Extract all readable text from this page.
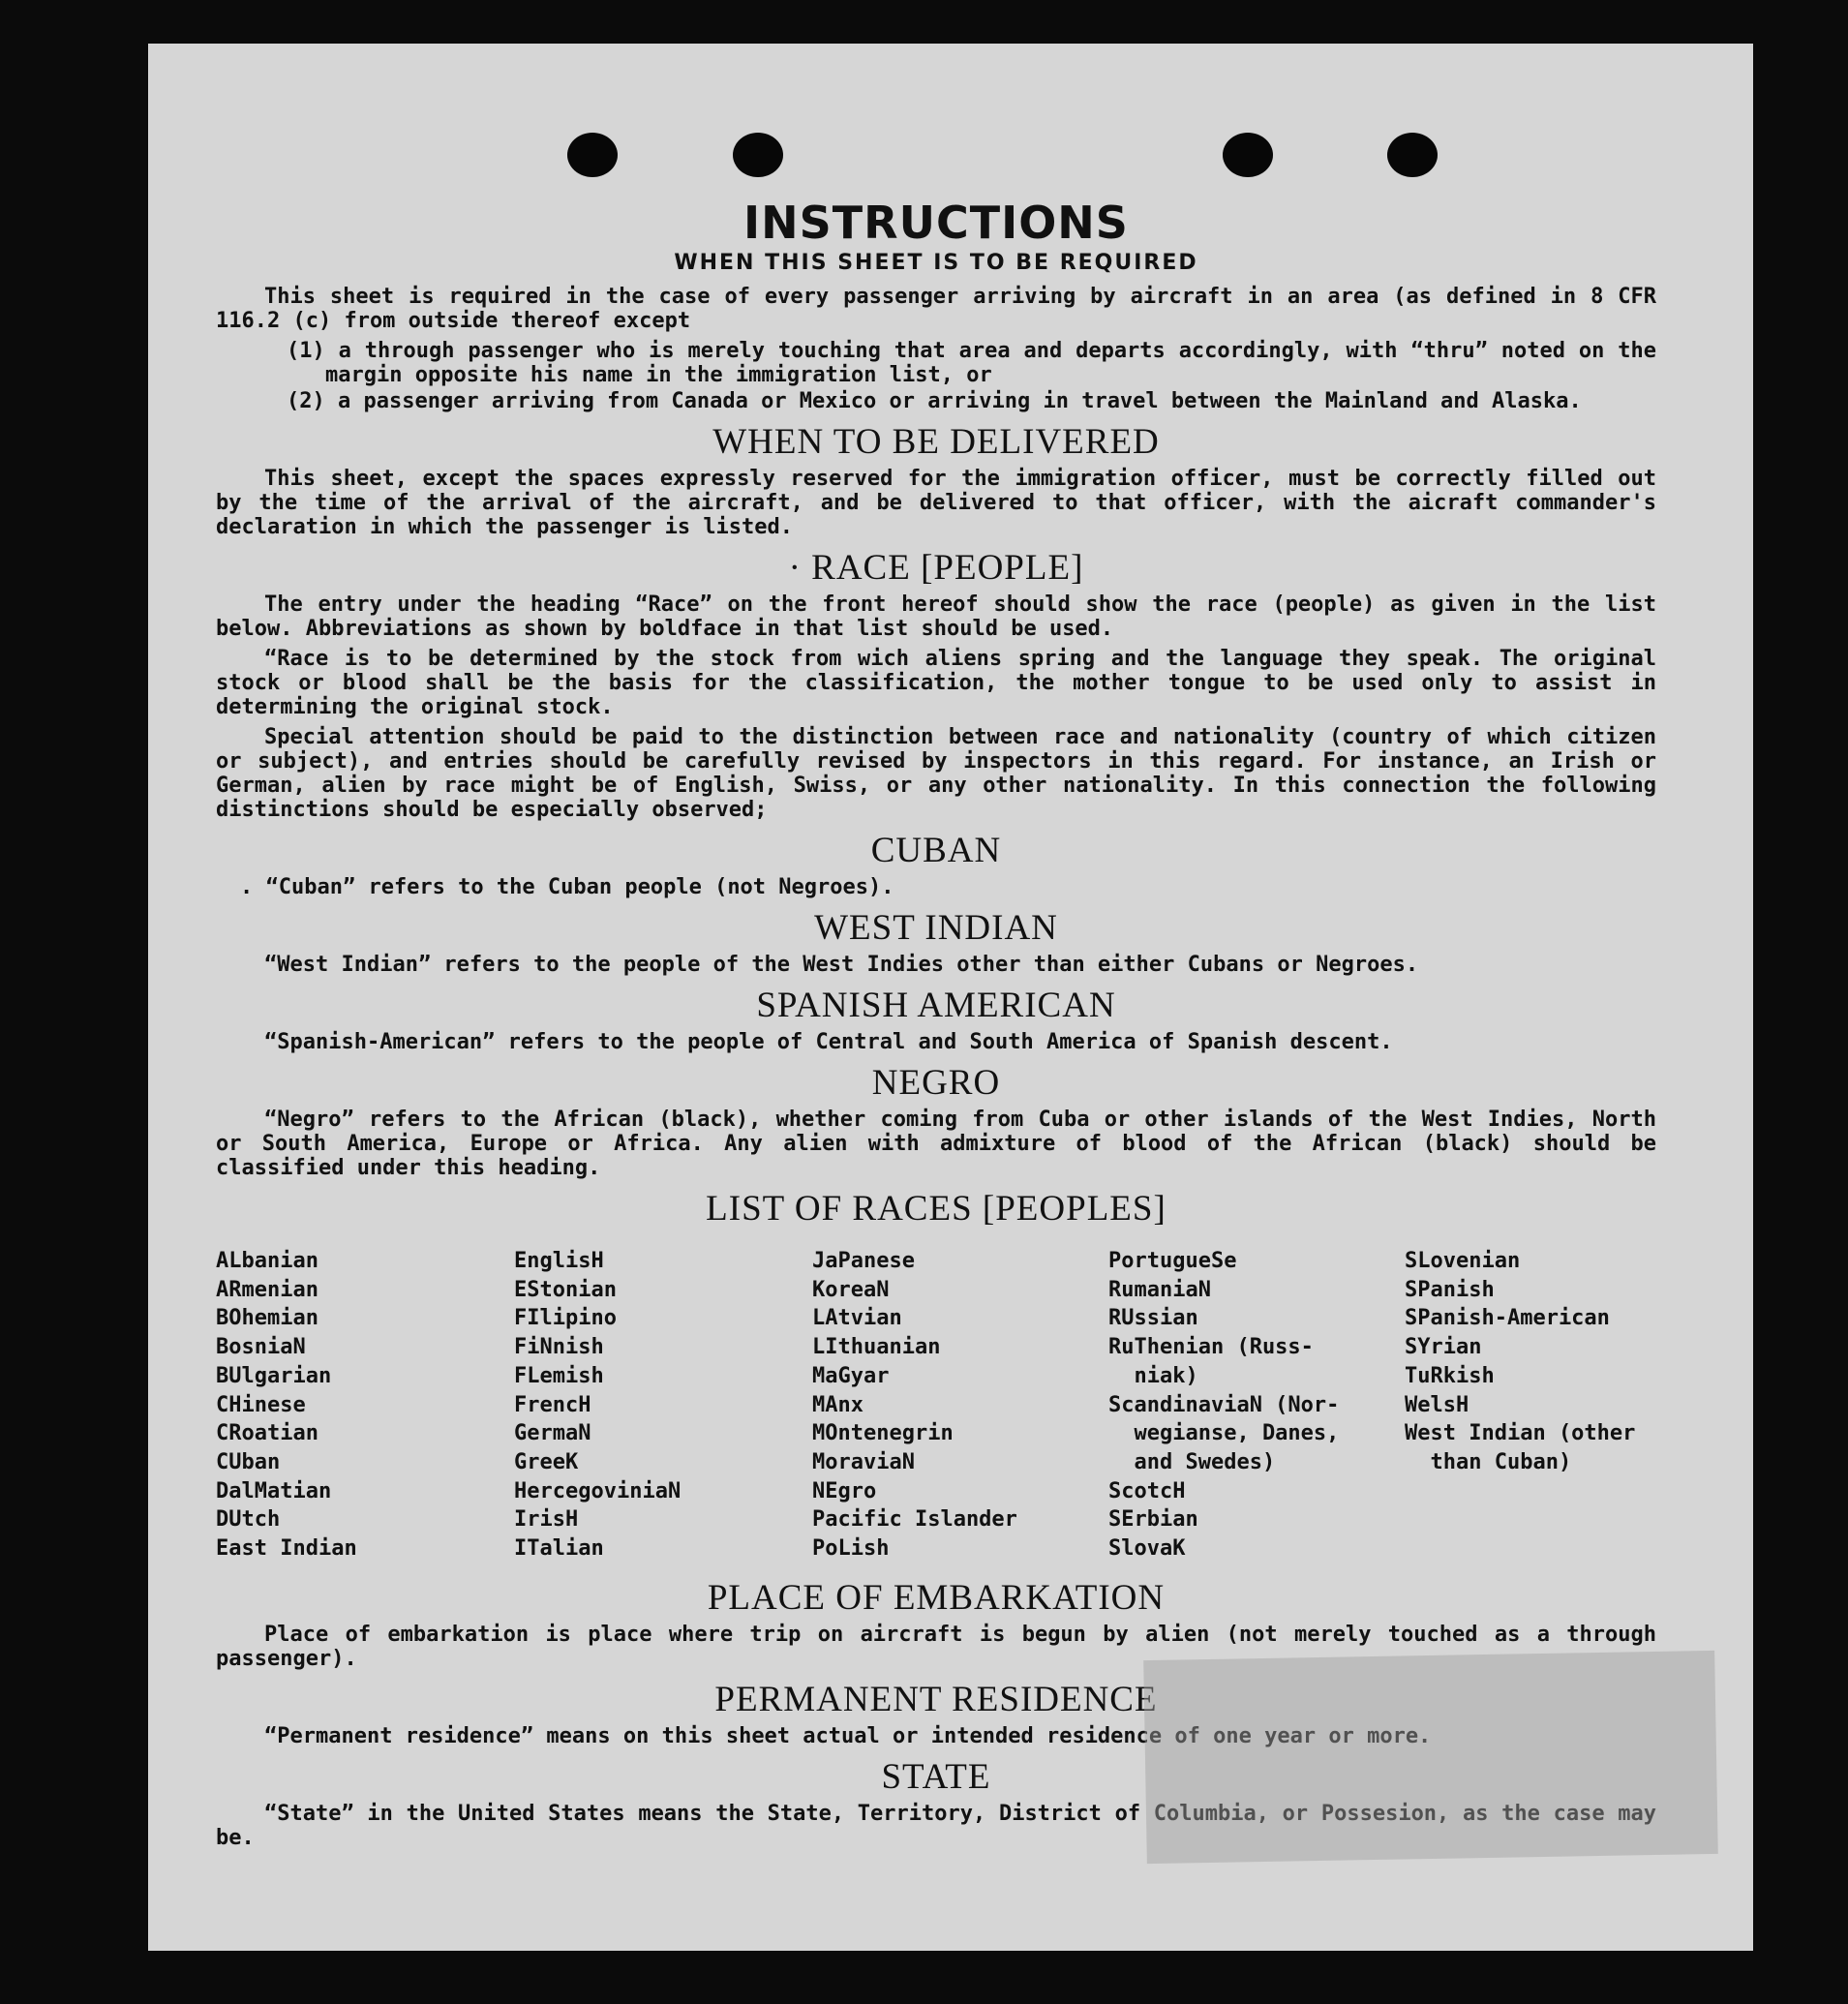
INSTRUCTIONS
WHEN THIS SHEET IS TO BE REQUIRED
This sheet is required in the case of every passenger arriving by aircraft in an area (as defined in 8 CFR 116.2 (c) from outside thereof except
(1) a through passenger who is merely touching that area and departs accordingly, with “thru” noted on the margin opposite his name in the immigration list, or
(2) a passenger arriving from Canada or Mexico or arriving in travel between the Mainland and Alaska.
WHEN TO BE DELIVERED
This sheet, except the spaces expressly reserved for the immigration officer, must be correctly filled out by the time of the arrival of the aircraft, and be delivered to that officer, with the aicraft commander's declaration in which the passenger is listed.
· RACE [PEOPLE]
The entry under the heading “Race” on the front hereof should show the race (people) as given in the list below. Abbreviations as shown by boldface in that list should be used.
“Race is to be determined by the stock from wich aliens spring and the language they speak. The original stock or blood shall be the basis for the classification, the mother tongue to be used only to assist in determining the original stock.
Special attention should be paid to the distinction between race and nationality (country of which citizen or subject), and entries should be carefully revised by inspectors in this regard. For instance, an Irish or German, alien by race might be of English, Swiss, or any other nationality. In this connection the following distinctions should be especially observed;
CUBAN
. “Cuban” refers to the Cuban people (not Negroes).
WEST INDIAN
“West Indian” refers to the people of the West Indies other than either Cubans or Negroes.
SPANISH AMERICAN
“Spanish-American” refers to the people of Central and South America of Spanish descent.
NEGRO
“Negro” refers to the African (black), whether coming from Cuba or other islands of the West Indies, North or South America, Europe or Africa. Any alien with admixture of blood of the African (black) should be classified under this heading.
LIST OF RACES [PEOPLES]
ALbanian
ARmenian
BOhemian
BosniaN
BUlgarian
CHinese
CRoatian
CUban
DalMatian
DUtch
East Indian
EnglisH
EStonian
FIlipino
FiNnish
FLemish
FrencH
GermaN
GreeK
HercegoviniaN
IrisH
ITalian
JaPanese
KoreaN
LAtvian
LIthuanian
MaGyar
MAnx
MOntenegrin
MoraviaN
NEgro
Pacific Islander
PoLish
PortugueSe
RumaniaN
RUssian
RuThenian (Russ-
niak)
ScandinaviaN (Nor-
wegianse, Danes,
and Swedes)
ScotcH
SErbian
SlovaK
SLovenian
SPanish
SPanish-American
SYrian
TuRkish
WelsH
West Indian (other
than Cuban)
PLACE OF EMBARKATION
Place of embarkation is place where trip on aircraft is begun by alien (not merely touched as a through passenger).
PERMANENT RESIDENCE
“Permanent residence” means on this sheet actual or intended residence of one year or more.
STATE
“State” in the United States means the State, Territory, District of Columbia, or Possesion, as the case may be.
